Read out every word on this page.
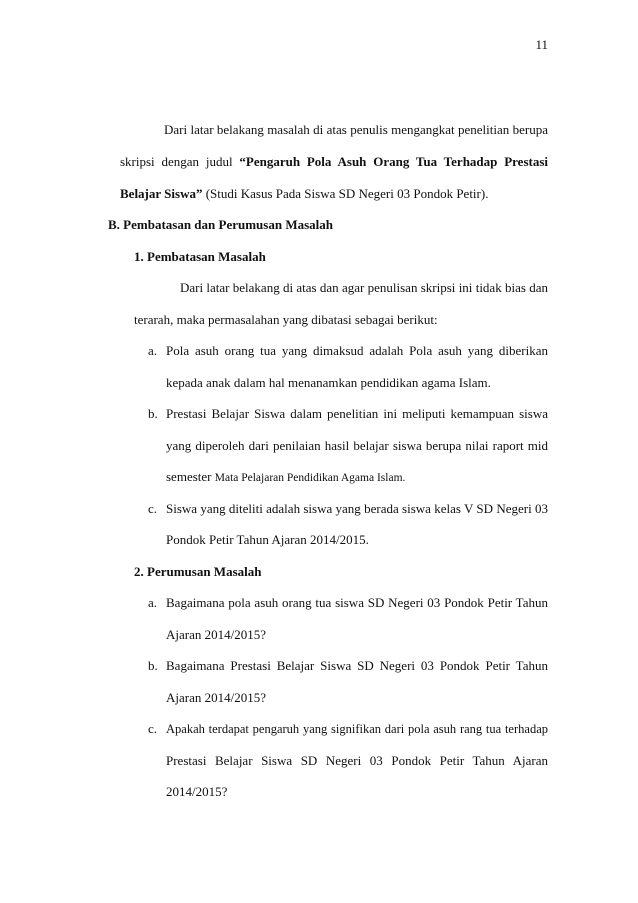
11
Dari latar belakang masalah di atas penulis mengangkat penelitian berupa
skripsi dengan judul “Pengaruh Pola Asuh Orang Tua Terhadap Prestasi
Belajar Siswa” (Studi Kasus Pada Siswa SD Negeri 03 Pondok Petir).
B. Pembatasan dan Perumusan Masalah
1. Pembatasan Masalah
Dari latar belakang di atas dan agar penulisan skripsi ini tidak bias dan
terarah, maka permasalahan yang dibatasi sebagai berikut:
a. Pola asuh orang tua yang dimaksud adalah Pola asuh yang diberikan
kepada anak dalam hal menanamkan pendidikan agama Islam.
b. Prestasi Belajar Siswa dalam penelitian ini meliputi kemampuan siswa
yang diperoleh dari penilaian hasil belajar siswa berupa nilai raport mid
semester Mata Pelajaran Pendidikan Agama Islam.
c. Siswa yang diteliti adalah siswa yang berada siswa kelas V SD Negeri 03
Pondok Petir Tahun Ajaran 2014/2015.
2. Perumusan Masalah
a. Bagaimana pola asuh orang tua siswa SD Negeri 03 Pondok Petir Tahun
Ajaran 2014/2015?
b. Bagaimana Prestasi Belajar Siswa SD Negeri 03 Pondok Petir Tahun
Ajaran 2014/2015?
c. Apakah terdapat pengaruh yang signifikan dari pola asuh rang tua terhadap
Prestasi Belajar Siswa SD Negeri 03 Pondok Petir Tahun Ajaran
2014/2015?
